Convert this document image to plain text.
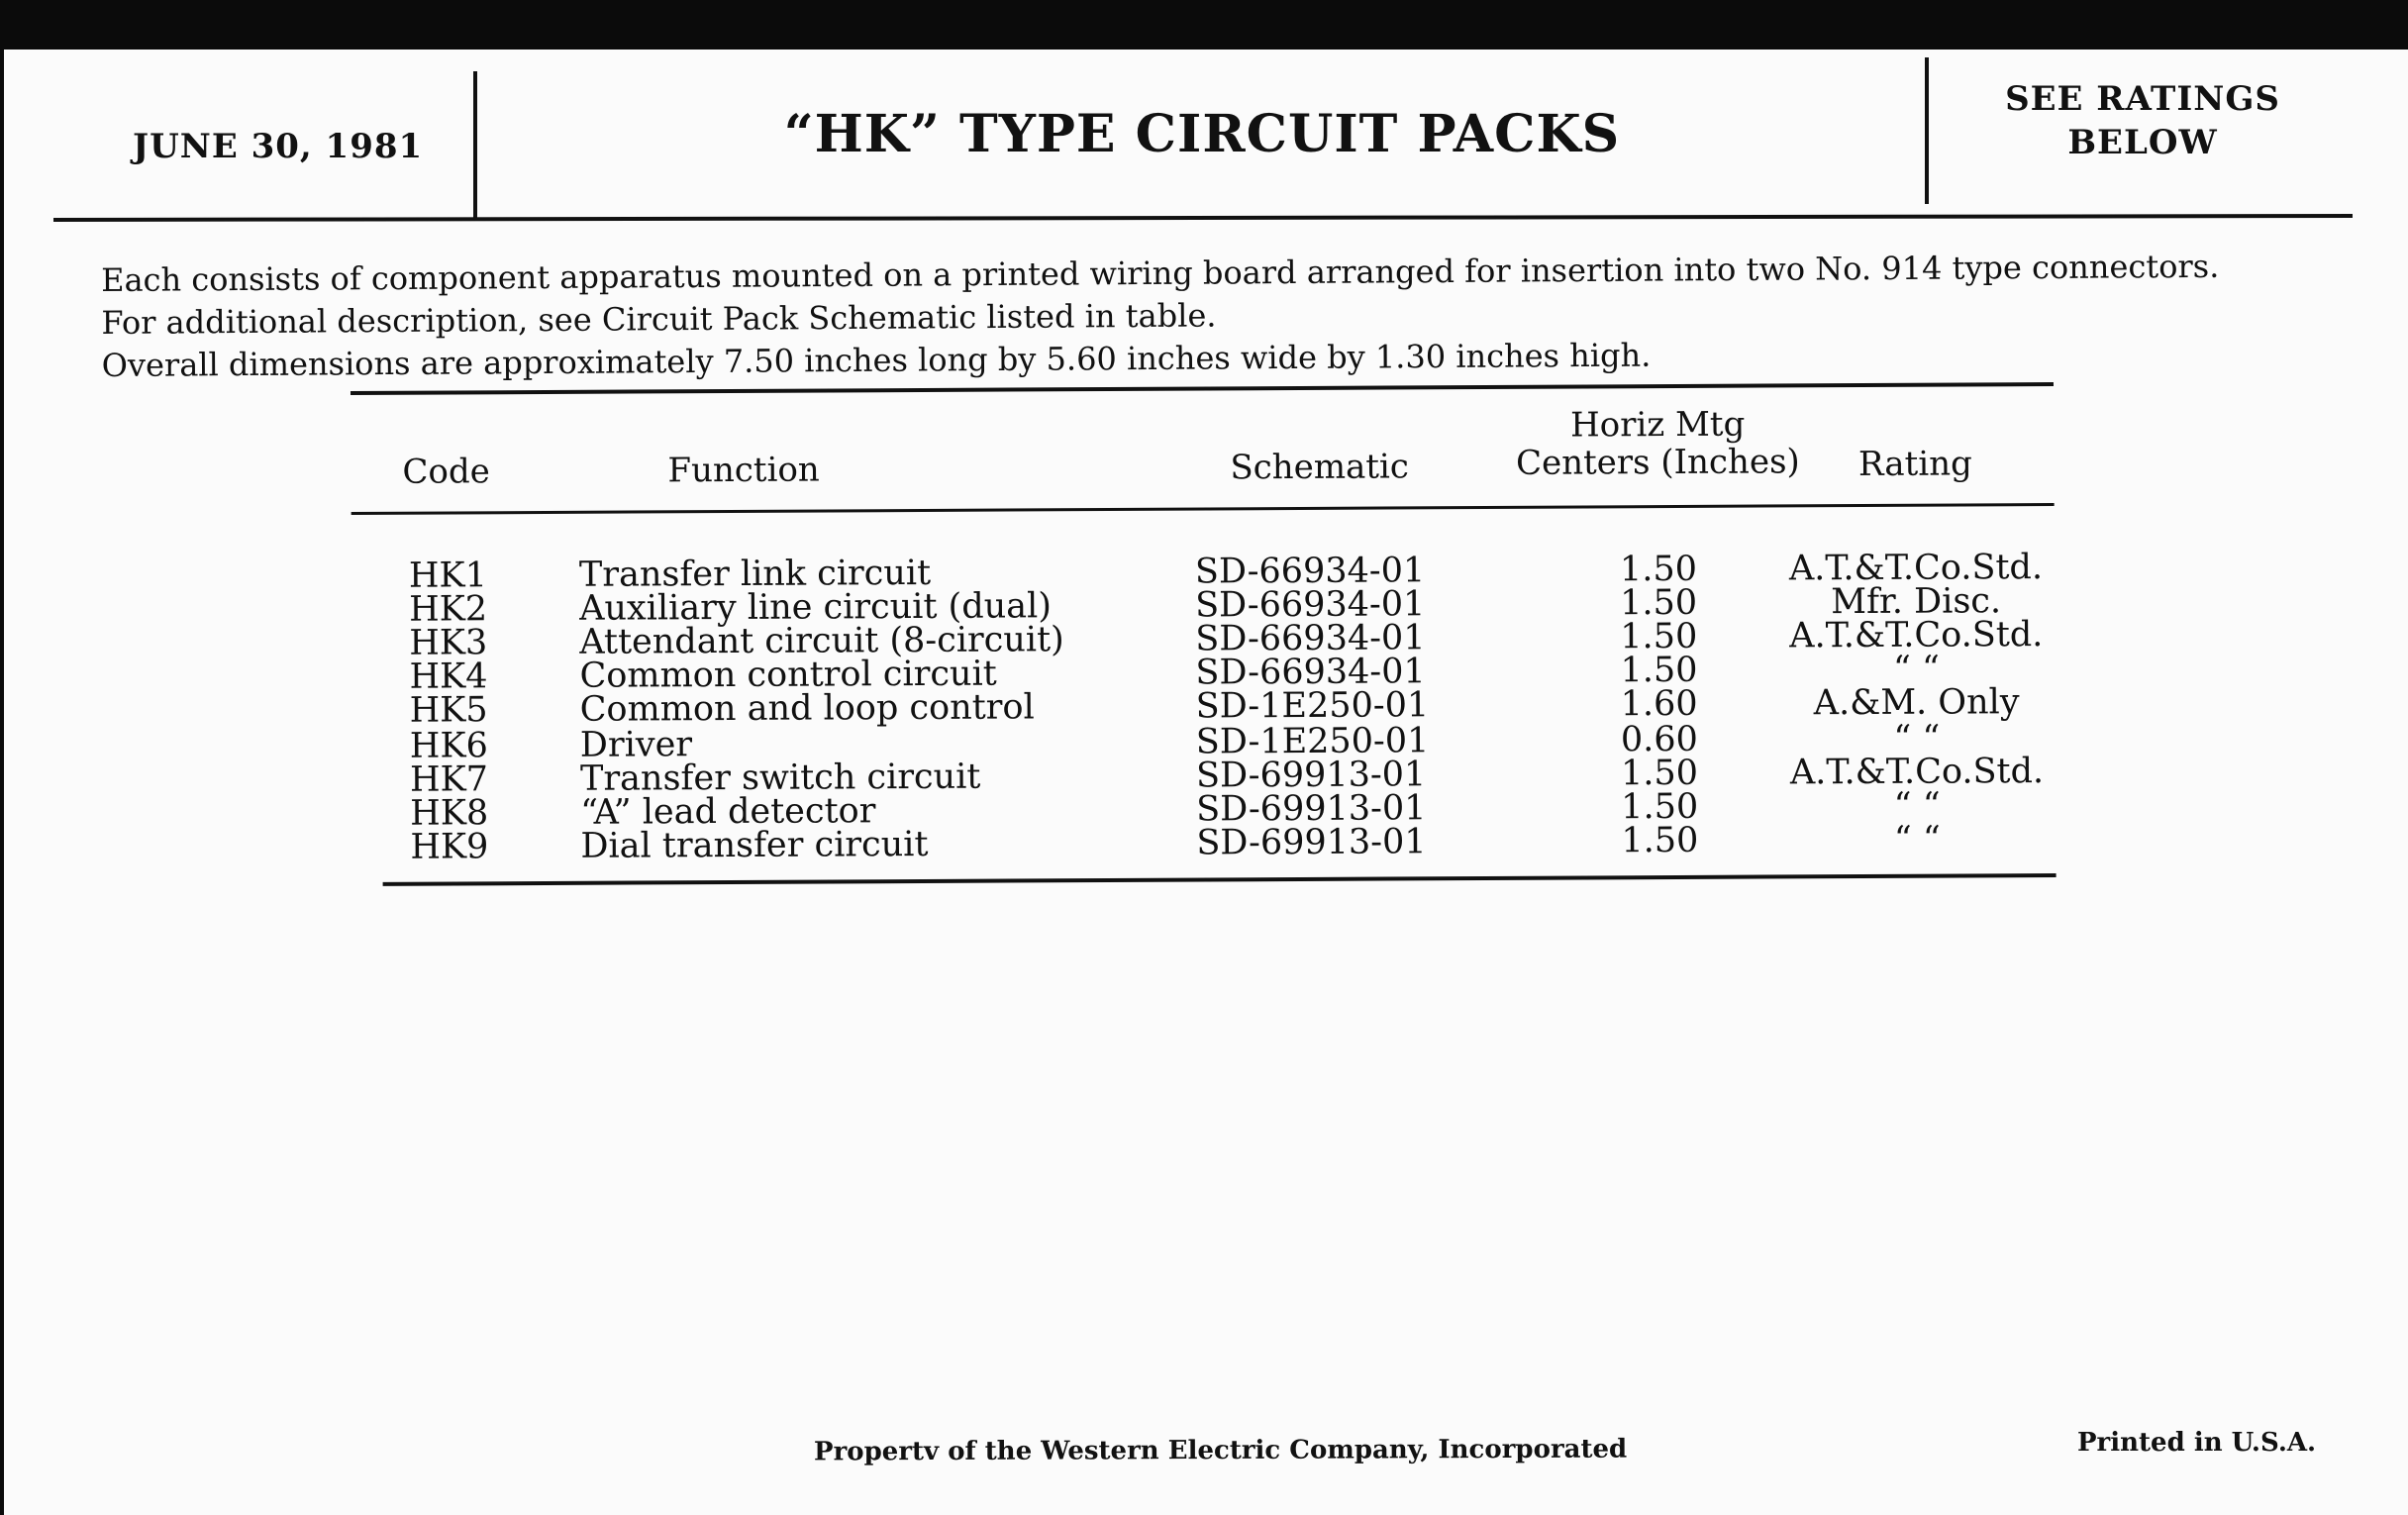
JUNE 30, 1981	“HK” TYPE CIRCUIT PACKS
SEE RATINGS
BELOW
Each consists of component apparatus mounted on a printed wiring board arranged for insertion into two No. 914 type connectors.
For additional description, see Circuit Pack Schematic listed in table.
Overall dimensions are approximately 7.50 inches long by 5.60 inches wide by 1.30 inches high.
Code	Function	Schematic
Horiz Mtg
Centers (Inches)	Rating
HK1	Transfer link circuit	SD-66934-01	1.50	A.T.&T.Co.Std.
HK2	Auxiliary line circuit (dual)	SD-66934-01	1.50	Mfr. Disc.
HK3	Attendant circuit (8-circuit)	SD-66934-01	1.50	A.T.&T.Co.Std.
HK4	Common control circuit	SD-66934-01	1.50	“ “
HK5	Common and loop control	SD-1E250-01	1.60	A.&M. Only
HK6	Driver	SD-1E250-01	0.60	“ “
HK7	Transfer switch circuit	SD-69913-01	1.50	A.T.&T.Co.Std.
HK8	“A” lead detector	SD-69913-01	1.50	“ “
HK9	Dial transfer circuit	SD-69913-01	1.50	“ “
Propertv of the Western Electric Company, Incorporated	Printed in U.S.A.
